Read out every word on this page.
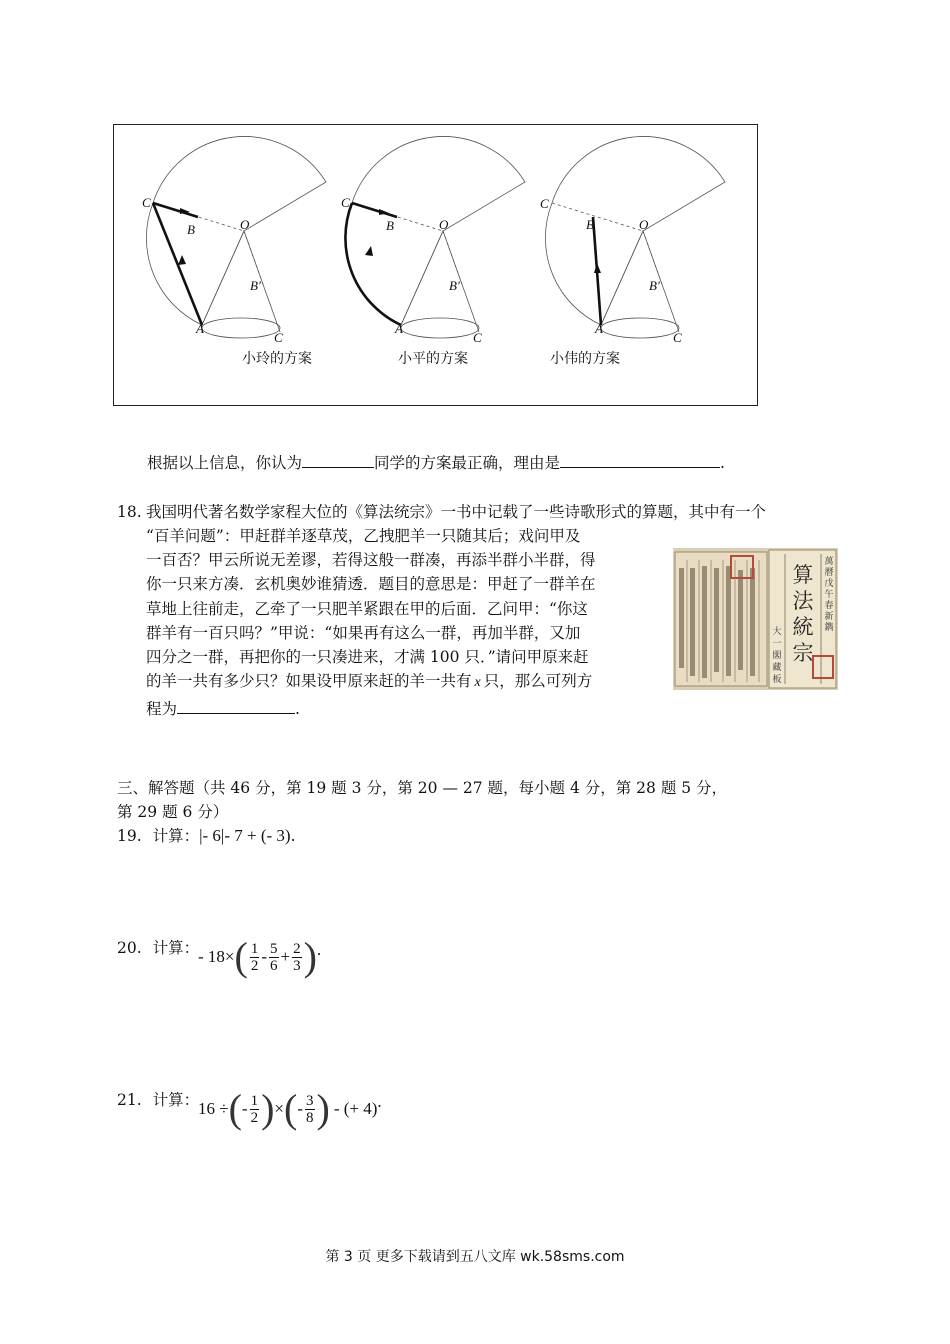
C
B	O
B'
A
C
C
B	O
B'
A
C
C
B	O
B'
A
C
小玲的方案	小平的方案	小伟的方案
根据以上信息，你认为	同学的方案最正确，理由是	.
18. 我国明代著名数学家程大位的《算法统宗》一书中记载了一些诗歌形式的算题，其中有一个
“百羊问题”：甲赶群羊逐草茂，乙拽肥羊一只随其后；戏问甲及
一百否？甲云所说无差谬，若得这般一群凑，再添半群小半群，得
你一只来方凑．玄机奥妙谁猜透．题目的意思是：甲赶了一群羊在
草地上往前走，乙牵了一只肥羊紧跟在甲的后面．乙问甲：“你这
群羊有一百只吗？”甲说：“如果再有这么一群，再加半群，又加
四分之一群，再把你的一只凑进来，才满 100 只．”请问甲原来赶
的羊一共有多少只？如果设甲原来赶的羊一共有 x 只，那么可列方
程为	.
算
法
統
宗
萬
曆
戊
午
春
新
鐫
大
一
閣
藏
板
三、解答题（共 46 分，第 19 题 3 分，第 20 — 27 题，每小题 4 分，第 28 题 5 分，
第 29 题 6 分）
19. 计算：|- 6|- 7 + (- 3).
20. 计算：
- 18× ( $\frac{1}{2} - \frac{5}{6} + \frac{2}{3}$ ) .
21. 计算：
16 ÷ ( - $\frac{1}{2}$ ) × ( - $\frac{3}{8}$ ) - (+ 4) .
第 3 页 更多下载请到五八文库 wk.58sms.com
